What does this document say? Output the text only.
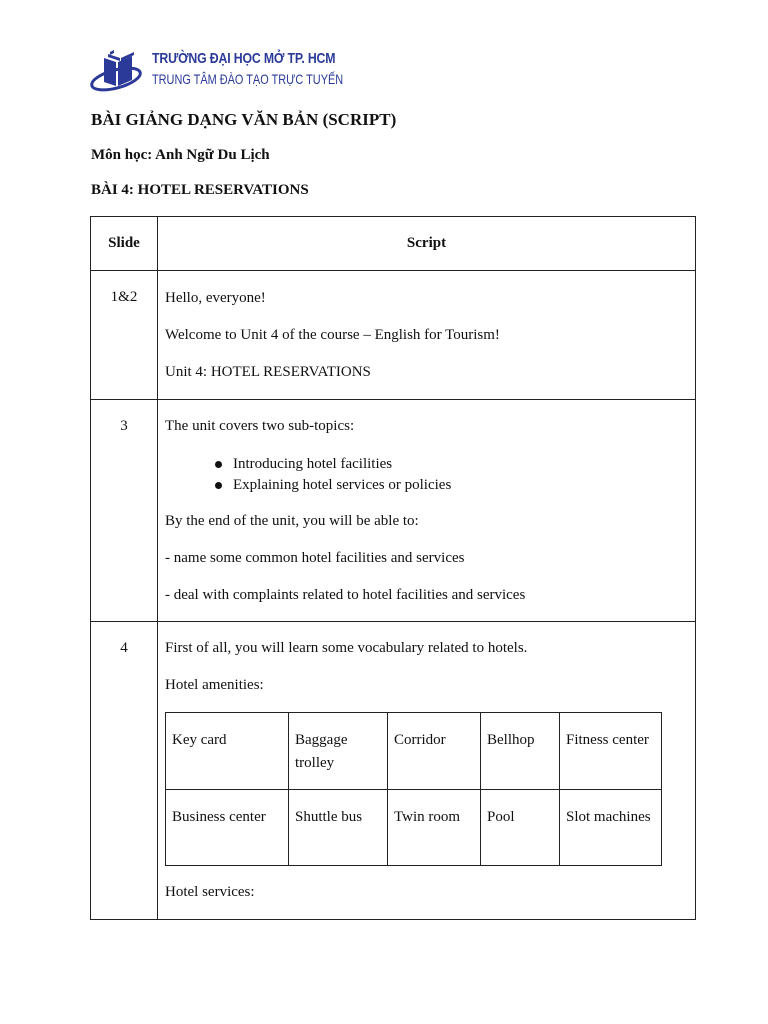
TRƯỜNG ĐẠI HỌC MỞ TP. HCM
TRUNG TÂM ĐÀO TẠO TRỰC TUYẾN
BÀI GIẢNG DẠNG VĂN BẢN (SCRIPT)
Môn học: Anh Ngữ Du Lịch
BÀI 4: HOTEL RESERVATIONS
Slide	Script
1&2	Hello, everyone!

Welcome to Unit 4 of the course – English for Tourism!

Unit 4: HOTEL RESERVATIONS

3	The unit covers two sub-topics:

Introducing hotel facilities
Explaining hotel services or policies

By the end of the unit, you will be able to:

- name some common hotel facilities and services

- deal with complaints related to hotel facilities and services

4	First of all, you will learn some vocabulary related to hotels.

Hotel amenities:

Key card	Baggage trolley	Corridor	Bellhop	Fitness center
Business center	Shuttle bus	Twin room	Pool	Slot machines

Hotel services:
